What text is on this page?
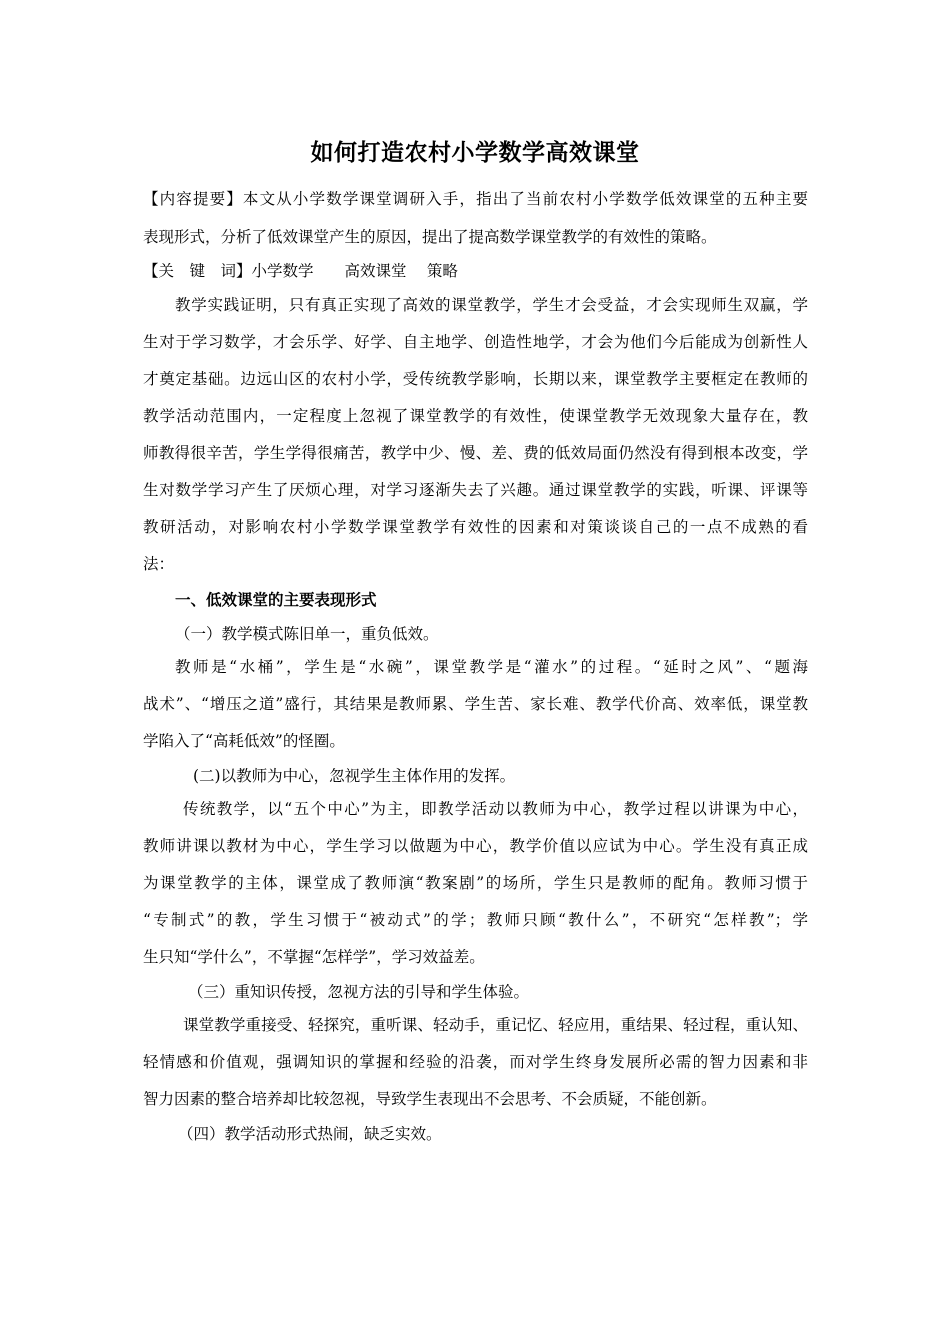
如何打造农村小学数学高效课堂
【内容提要】本文从小学数学课堂调研入手，指出了当前农村小学数学低效课堂的五种主要
表现形式，分析了低效课堂产生的原因，提出了提高数学课堂教学的有效性的策略。
【关　键　词】小学数学　　高效课堂　 策略
教学实践证明，只有真正实现了高效的课堂教学，学生才会受益，才会实现师生双赢，学
生对于学习数学，才会乐学、好学、自主地学、创造性地学，才会为他们今后能成为创新性人
才奠定基础。边远山区的农村小学，受传统教学影响，长期以来，课堂教学主要框定在教师的
教学活动范围内，一定程度上忽视了课堂教学的有效性，使课堂教学无效现象大量存在，教
师教得很辛苦，学生学得很痛苦，教学中少、慢、差、费的低效局面仍然没有得到根本改变，学
生对数学学习产生了厌烦心理，对学习逐渐失去了兴趣。通过课堂教学的实践，听课、评课等
教研活动，对影响农村小学数学课堂教学有效性的因素和对策谈谈自己的一点不成熟的看
法：
一、低效课堂的主要表现形式
（一）教学模式陈旧单一，重负低效。
教师是“水桶”，学生是“水碗”，课堂教学是“灌水”的过程。“延时之风”、“题海
战术”、“增压之道”盛行，其结果是教师累、学生苦、家长难、教学代价高、效率低，课堂教
学陷入了“高耗低效”的怪圈。
(二)以教师为中心，忽视学生主体作用的发挥。
传统教学，以“五个中心”为主，即教学活动以教师为中心，教学过程以讲课为中心，
教师讲课以教材为中心，学生学习以做题为中心，教学价值以应试为中心。学生没有真正成
为课堂教学的主体，课堂成了教师演“教案剧”的场所，学生只是教师的配角。教师习惯于
“专制式”的教，学生习惯于“被动式”的学；教师只顾“教什么”，不研究“怎样教”；学
生只知“学什么”，不掌握“怎样学”，学习效益差。
（三）重知识传授，忽视方法的引导和学生体验。
课堂教学重接受、轻探究，重听课、轻动手，重记忆、轻应用，重结果、轻过程，重认知、
轻情感和价值观，强调知识的掌握和经验的沿袭，而对学生终身发展所必需的智力因素和非
智力因素的整合培养却比较忽视，导致学生表现出不会思考、不会质疑，不能创新。
（四）教学活动形式热闹，缺乏实效。
